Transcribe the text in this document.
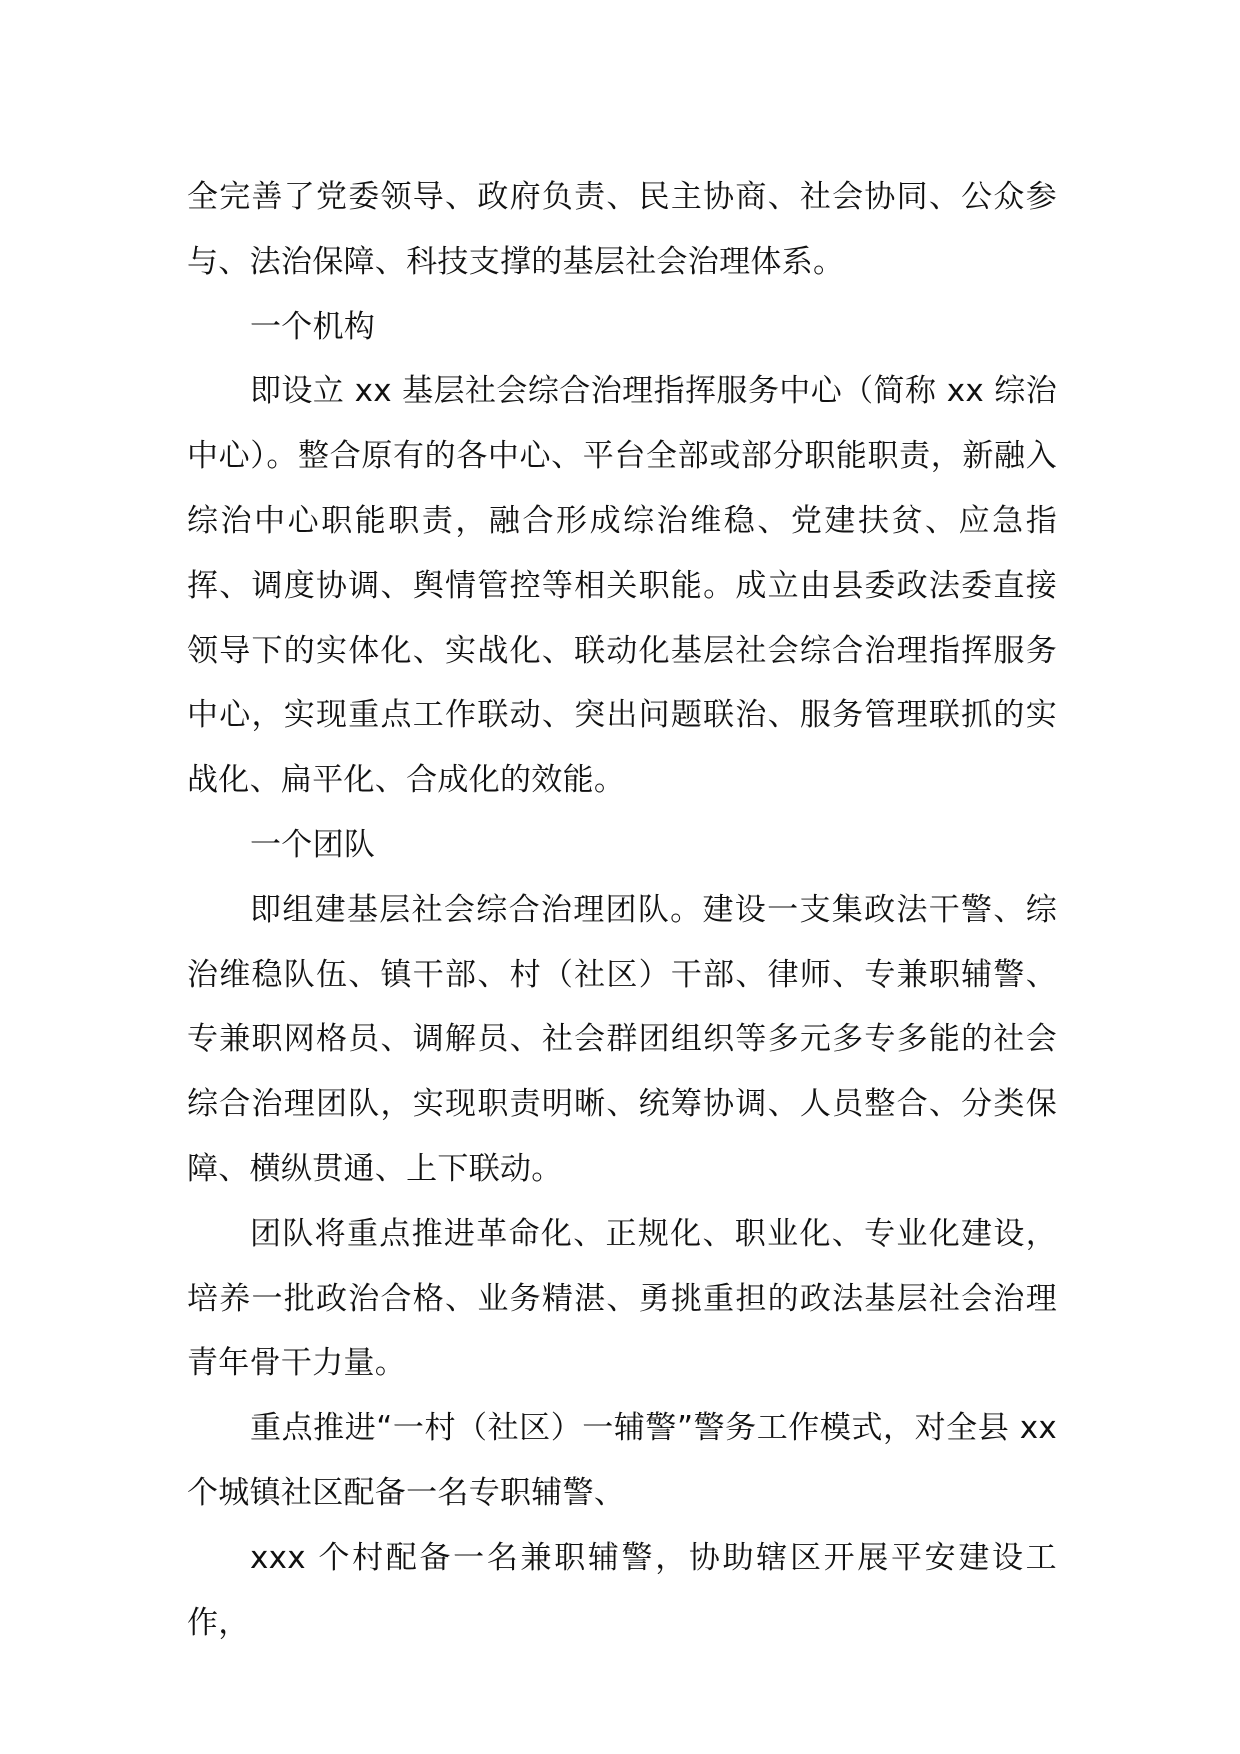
全完善了党委领导、政府负责、民主协商、社会协同、公众参与、法治保障、科技支撑的基层社会治理体系。

一个机构

即设立 xx 基层社会综合治理指挥服务中心（简称 xx 综治中心）。整合原有的各中心、平台全部或部分职能职责，新融入综治中心职能职责，融合形成综治维稳、党建扶贫、应急指挥、调度协调、舆情管控等相关职能。成立由县委政法委直接领导下的实体化、实战化、联动化基层社会综合治理指挥服务中心，实现重点工作联动、突出问题联治、服务管理联抓的实战化、扁平化、合成化的效能。

一个团队

即组建基层社会综合治理团队。建设一支集政法干警、综治维稳队伍、镇干部、村（社区）干部、律师、专兼职辅警、专兼职网格员、调解员、社会群团组织等多元多专多能的社会综合治理团队，实现职责明晰、统筹协调、人员整合、分类保障、横纵贯通、上下联动。

团队将重点推进革命化、正规化、职业化、专业化建设，培养一批政治合格、业务精湛、勇挑重担的政法基层社会治理青年骨干力量。

重点推进“一村（社区）一辅警”警务工作模式，对全县 xx 个城镇社区配备一名专职辅警、

xxx 个村配备一名兼职辅警，协助辖区开展平安建设工作，
